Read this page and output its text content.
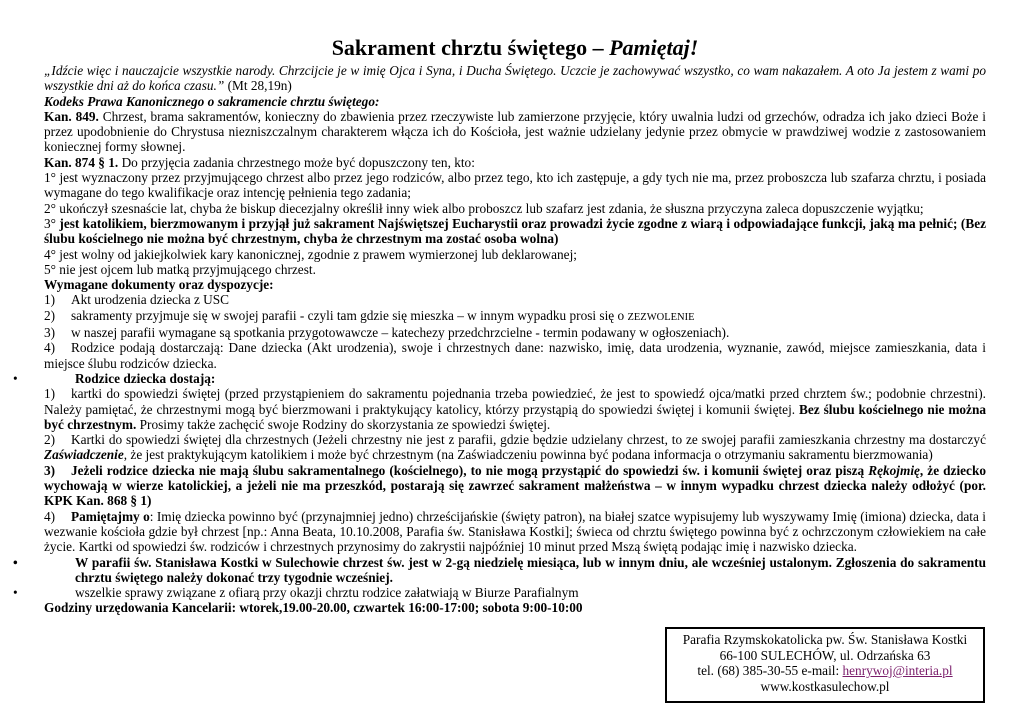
Sakrament chrztu świętego – Pamiętaj!

„Idźcie więc i nauczajcie wszystkie narody. Chrzcijcie je w imię Ojca i Syna, i Ducha Świętego. Uczcie je zachowywać wszystko, co wam nakazałem. A oto Ja jestem z wami po wszystkie dni aż do końca czasu.” (Mt 28,19n)

Kodeks Prawa Kanonicznego o sakramencie chrztu świętego:

Kan. 849. Chrzest, brama sakramentów, konieczny do zbawienia przez rzeczywiste lub zamierzone przyjęcie, który uwalnia ludzi od grzechów, odradza ich jako dzieci Boże i przez upodobnienie do Chrystusa niezniszczalnym charakterem włącza ich do Kościoła, jest ważnie udzielany jedynie przez obmycie w prawdziwej wodzie z zastosowaniem koniecznej formy słownej.

Kan. 874 § 1. Do przyjęcia zadania chrzestnego może być dopuszczony ten, kto:

1° jest wyznaczony przez przyjmującego chrzest albo przez jego rodziców, albo przez tego, kto ich zastępuje, a gdy tych nie ma, przez proboszcza lub szafarza chrztu, i posiada wymagane do tego kwalifikacje oraz intencję pełnienia tego zadania;

2° ukończył szesnaście lat, chyba że biskup diecezjalny określił inny wiek albo proboszcz lub szafarz jest zdania, że słuszna przyczyna zaleca dopuszczenie wyjątku;

3° jest katolikiem, bierzmowanym i przyjął już sakrament Najświętszej Eucharystii oraz prowadzi życie zgodne z wiarą i odpowiadające funkcji, jaką ma pełnić; (Bez ślubu kościelnego nie można być chrzestnym, chyba że chrzestnym ma zostać osoba wolna)

4° jest wolny od jakiejkolwiek kary kanonicznej, zgodnie z prawem wymierzonej lub deklarowanej;

5° nie jest ojcem lub matką przyjmującego chrzest.

Wymagane dokumenty oraz dyspozycje:

1) Akt urodzenia dziecka z USC

2) sakramenty przyjmuje się w swojej parafii - czyli tam gdzie się mieszka – w innym wypadku prosi się o ZEZWOLENIE

3) w naszej parafii wymagane są spotkania przygotowawcze – katechezy przedchrzcielne - termin podawany w ogłoszeniach).

4) Rodzice podają dostarczają: Dane dziecka (Akt urodzenia), swoje i chrzestnych dane: nazwisko, imię, data urodzenia, wyznanie, zawód, miejsce zamieszkania, data i miejsce ślubu rodziców dziecka.

•	Rodzice dziecka dostają:

1) kartki do spowiedzi świętej (przed przystąpieniem do sakramentu pojednania trzeba powiedzieć, że jest to spowiedź ojca/matki przed chrztem św.; podobnie chrzestni). Należy pamiętać, że chrzestnymi mogą być bierzmowani i praktykujący katolicy, którzy przystąpią do spowiedzi świętej i komunii świętej. Bez ślubu kościelnego nie można być chrzestnym. Prosimy także zachęcić swoje Rodziny do skorzystania ze spowiedzi świętej.

2) Kartki do spowiedzi świętej dla chrzestnych (Jeżeli chrzestny nie jest z parafii, gdzie będzie udzielany chrzest, to ze swojej parafii zamieszkania chrzestny ma dostarczyć Zaświadczenie, że jest praktykującym katolikiem i może być chrzestnym (na Zaświadczeniu powinna być podana informacja o otrzymaniu sakramentu bierzmowania)

3) Jeżeli rodzice dziecka nie mają ślubu sakramentalnego (kościelnego), to nie mogą przystąpić do spowiedzi św. i komunii świętej oraz piszą Rękojmię, że dziecko wychowają w wierze katolickiej, a jeżeli nie ma przeszkód, postarają się zawrzeć sakrament małżeństwa – w innym wypadku chrzest dziecka należy odłożyć (por. KPK Kan. 868 § 1)

4) Pamiętajmy o: Imię dziecka powinno być (przynajmniej jedno) chrześcijańskie (święty patron), na białej szatce wypisujemy lub wyszywamy Imię (imiona) dziecka, data i wezwanie kościoła gdzie był chrzest [np.: Anna Beata, 10.10.2008, Parafia św. Stanisława Kostki]; świeca od chrztu świętego powinna być z ochrzczonym człowiekiem na całe życie. Kartki od spowiedzi św. rodziców i chrzestnych przynosimy do zakrystii najpóźniej 10 minut przed Mszą świętą podając imię i nazwisko dziecka.

•	W parafii św. Stanisława Kostki w Sulechowie chrzest św. jest w 2-gą niedzielę miesiąca, lub w innym dniu, ale wcześniej ustalonym. Zgłoszenia do sakramentu chrztu świętego należy dokonać trzy tygodnie wcześniej.

•	wszelkie sprawy związane z ofiarą przy okazji chrztu rodzice załatwiają w Biurze Parafialnym

Godziny urzędowania Kancelarii: wtorek,19.00-20.00, czwartek 16:00-17:00; sobota 9:00-10:00

Parafia Rzymskokatolicka pw. Św. Stanisława Kostki
66-100 SULECHÓW, ul. Odrzańska 63
tel. (68) 385-30-55 e-mail: henrywoj@interia.pl
www.kostkasulechow.pl
